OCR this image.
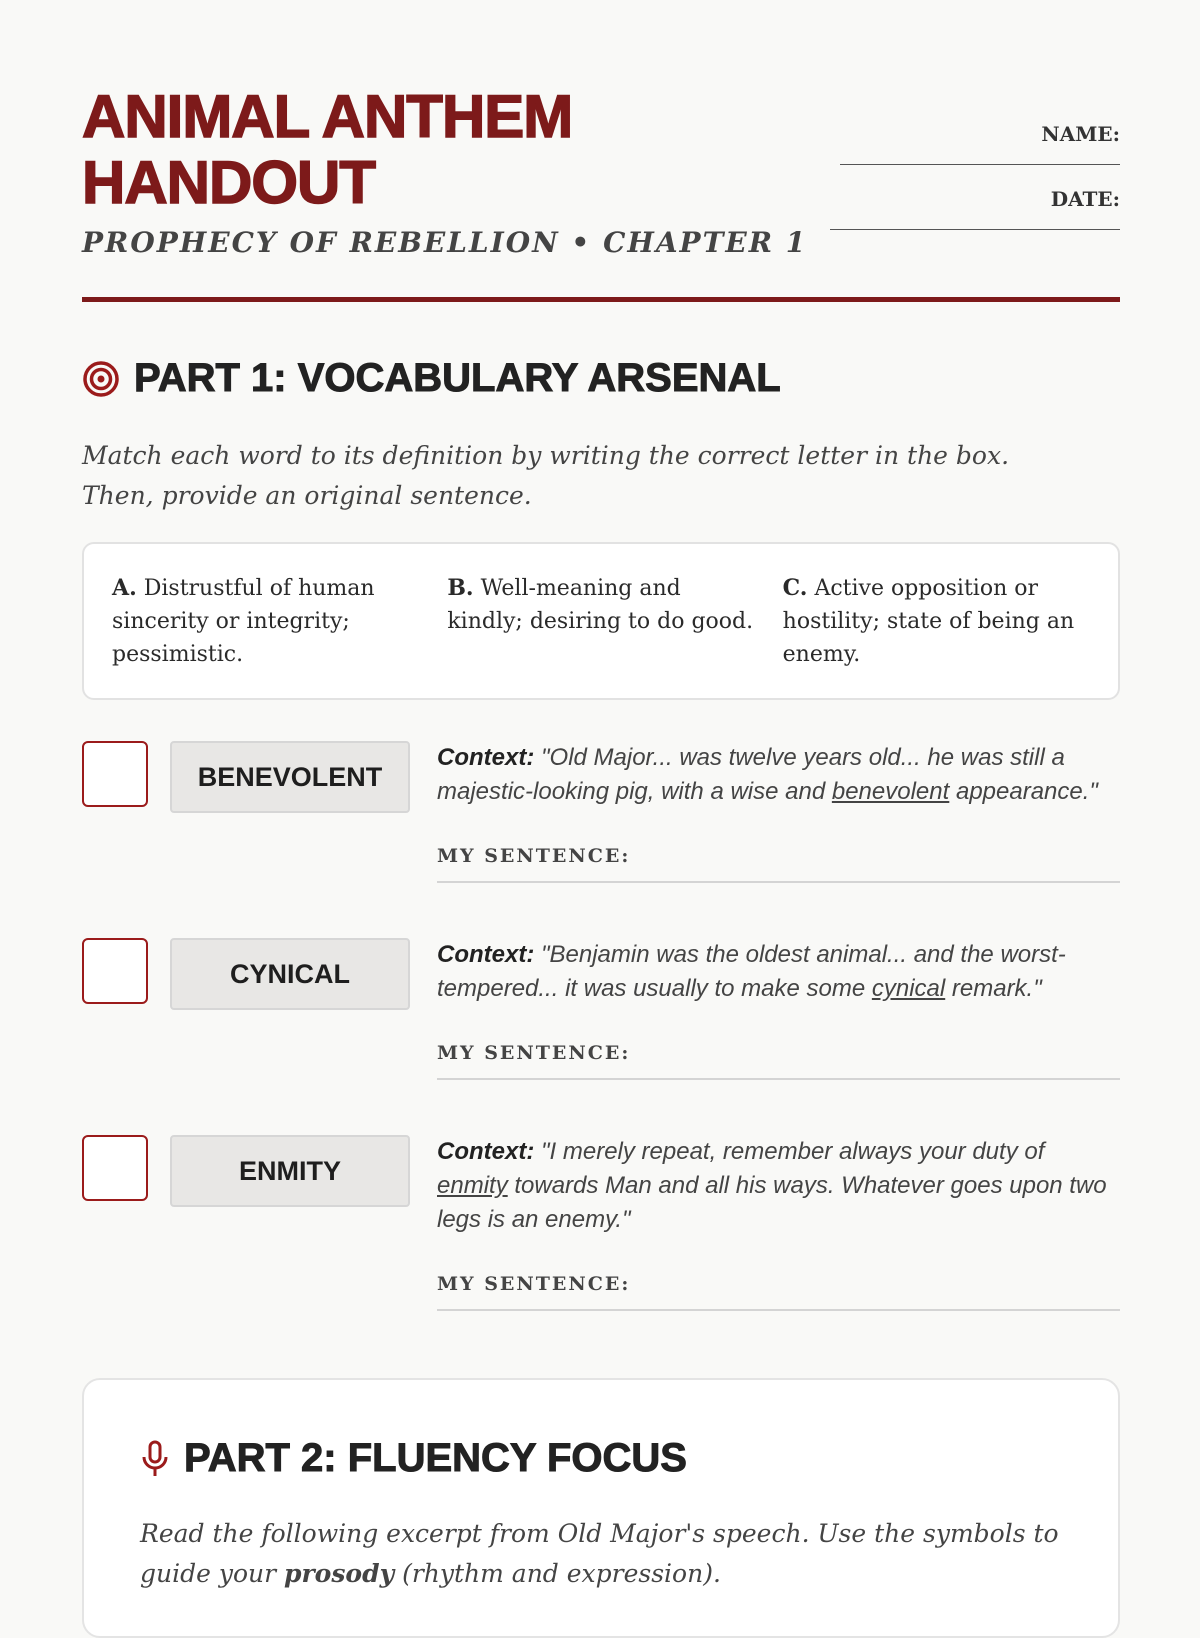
ANIMAL ANTHEM
HANDOUT
PROPHECY OF REBELLION • CHAPTER 1
NAME:
DATE:
PART 1: VOCABULARY ARSENAL
Match each word to its definition by writing the correct letter in the box. Then, provide an original sentence.
A. Distrustful of human sincerity or integrity; pessimistic.
B. Well-meaning and kindly; desiring to do good.
C. Active opposition or hostility; state of being an enemy.
BENEVOLENT
Context: "Old Major... was twelve years old... he was still a majestic-looking pig, with a wise and benevolent appearance."
MY SENTENCE:
CYNICAL
Context: "Benjamin was the oldest animal... and the worst-tempered... it was usually to make some cynical remark."
MY SENTENCE:
ENMITY
Context: "I merely repeat, remember always your duty of enmity towards Man and all his ways. Whatever goes upon two legs is an enemy."
MY SENTENCE:
PART 2: FLUENCY FOCUS
Read the following excerpt from Old Major's speech. Use the symbols to guide your prosody (rhythm and expression).
